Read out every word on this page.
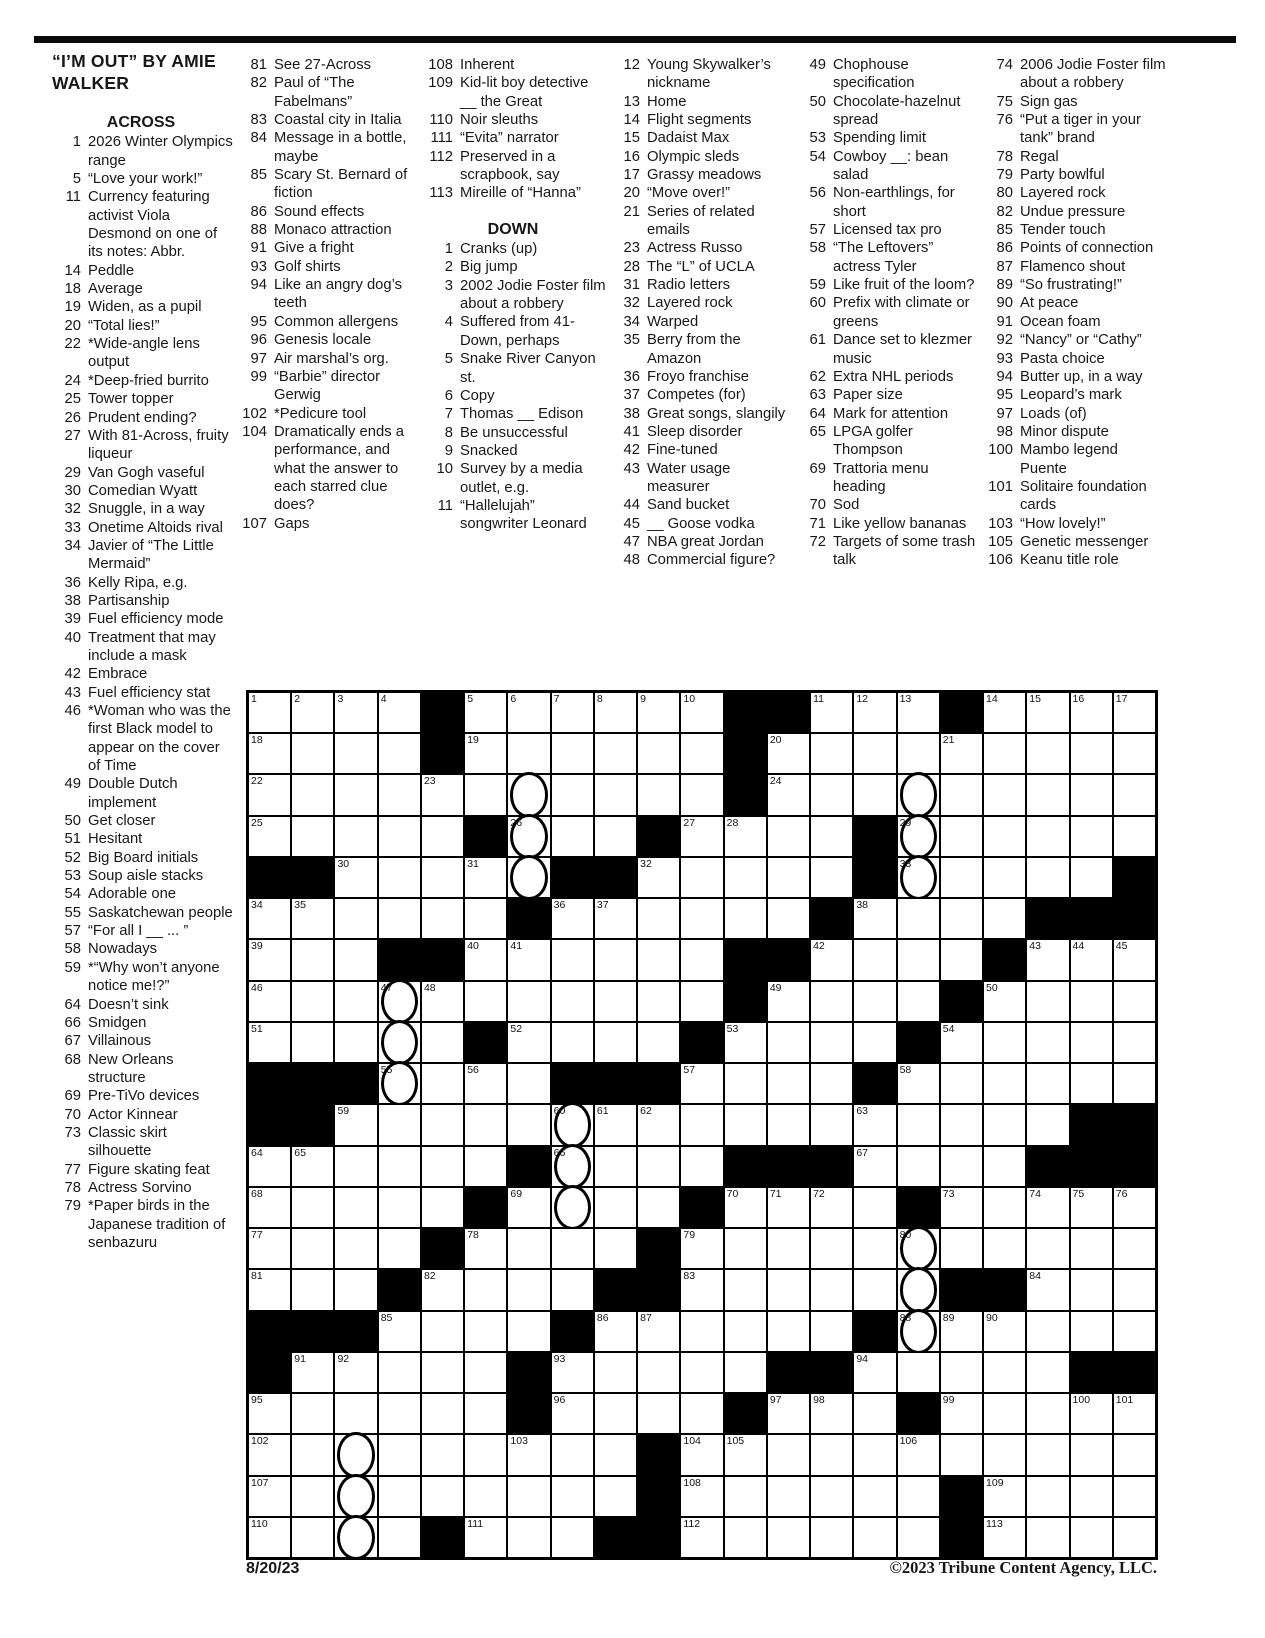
“I’M OUT” BY AMIE
WALKER
ACROSS
1 2026 Winter Olympics range
5 “Love your work!”
11 Currency featuring activist Viola Desmond on one of its notes: Abbr.
14 Peddle
18 Average
19 Widen, as a pupil
20 “Total lies!”
22 *Wide-angle lens output
24 *Deep-fried burrito
25 Tower topper
26 Prudent ending?
27 With 81-Across, fruity liqueur
29 Van Gogh vaseful
30 Comedian Wyatt
32 Snuggle, in a way
33 Onetime Altoids rival
34 Javier of “The Little Mermaid”
36 Kelly Ripa, e.g.
38 Partisanship
39 Fuel efficiency mode
40 Treatment that may include a mask
42 Embrace
43 Fuel efficiency stat
46 *Woman who was the first Black model to appear on the cover of Time
49 Double Dutch implement
50 Get closer
51 Hesitant
52 Big Board initials
53 Soup aisle stacks
54 Adorable one
55 Saskatchewan people
57 “For all I __ ... ”
58 Nowadays
59 *“Why won’t anyone notice me!?”
64 Doesn’t sink
66 Smidgen
67 Villainous
68 New Orleans structure
69 Pre-TiVo devices
70 Actor Kinnear
73 Classic skirt silhouette
77 Figure skating feat
78 Actress Sorvino
79 *Paper birds in the Japanese tradition of senbazuru
81 See 27-Across
82 Paul of “The Fabelmans”
83 Coastal city in Italia
84 Message in a bottle, maybe
85 Scary St. Bernard of fiction
86 Sound effects
88 Monaco attraction
91 Give a fright
93 Golf shirts
94 Like an angry dog’s teeth
95 Common allergens
96 Genesis locale
97 Air marshal’s org.
99 “Barbie” director Gerwig
102 *Pedicure tool
104 Dramatically ends a performance, and what the answer to each starred clue does?
107 Gaps
108 Inherent
109 Kid-lit boy detective __ the Great
110 Noir sleuths
111 “Evita” narrator
112 Preserved in a scrapbook, say
113 Mireille of “Hanna”
DOWN
1 Cranks (up)
2 Big jump
3 2002 Jodie Foster film about a robbery
4 Suffered from 41-Down, perhaps
5 Snake River Canyon st.
6 Copy
7 Thomas __ Edison
8 Be unsuccessful
9 Snacked
10 Survey by a media outlet, e.g.
11 “Hallelujah” songwriter Leonard
12 Young Skywalker’s nickname
13 Home
14 Flight segments
15 Dadaist Max
16 Olympic sleds
17 Grassy meadows
20 “Move over!”
21 Series of related emails
23 Actress Russo
28 The “L” of UCLA
31 Radio letters
32 Layered rock
34 Warped
35 Berry from the Amazon
36 Froyo franchise
37 Competes (for)
38 Great songs, slangily
41 Sleep disorder
42 Fine-tuned
43 Water usage measurer
44 Sand bucket
45 __ Goose vodka
47 NBA great Jordan
48 Commercial figure?
49 Chophouse specification
50 Chocolate-hazelnut spread
53 Spending limit
54 Cowboy __: bean salad
56 Non-earthlings, for short
57 Licensed tax pro
58 “The Leftovers” actress Tyler
59 Like fruit of the loom?
60 Prefix with climate or greens
61 Dance set to klezmer music
62 Extra NHL periods
63 Paper size
64 Mark for attention
65 LPGA golfer Thompson
69 Trattoria menu heading
70 Sod
71 Like yellow bananas
72 Targets of some trash talk
74 2006 Jodie Foster film about a robbery
75 Sign gas
76 “Put a tiger in your tank” brand
78 Regal
79 Party bowlful
80 Layered rock
82 Undue pressure
85 Tender touch
86 Points of connection
87 Flamenco shout
89 “So frustrating!”
90 At peace
91 Ocean foam
92 “Nancy” or “Cathy”
93 Pasta choice
94 Butter up, in a way
95 Leopard’s mark
97 Loads (of)
98 Minor dispute
100 Mambo legend Puente
101 Solitaire foundation cards
103 “How lovely!”
105 Genetic messenger
106 Keanu title role
1	2	3	4	5	6	7	8	9	10	11	12	13	14	15	16	17
18	19	20	21
22	23	24
25	26	27	28	29
30	31	32	33
34	35	36	37	38
39	40	41	42	43	44	45
46	47	48	49	50
51	52	53	54
55	56	57	58
59	60	61	62	63
64	65	66	67
68	69	70	71	72	73	74	75	76
77	78	79	80
81	82	83	84
85	86	87	88	89	90
91	92	93	94
95	96	97	98	99	100 101
102	103	104 105	106
107	108	109
110	111	112	113
8/20/23	©2023 Tribune Content Agency, LLC.
